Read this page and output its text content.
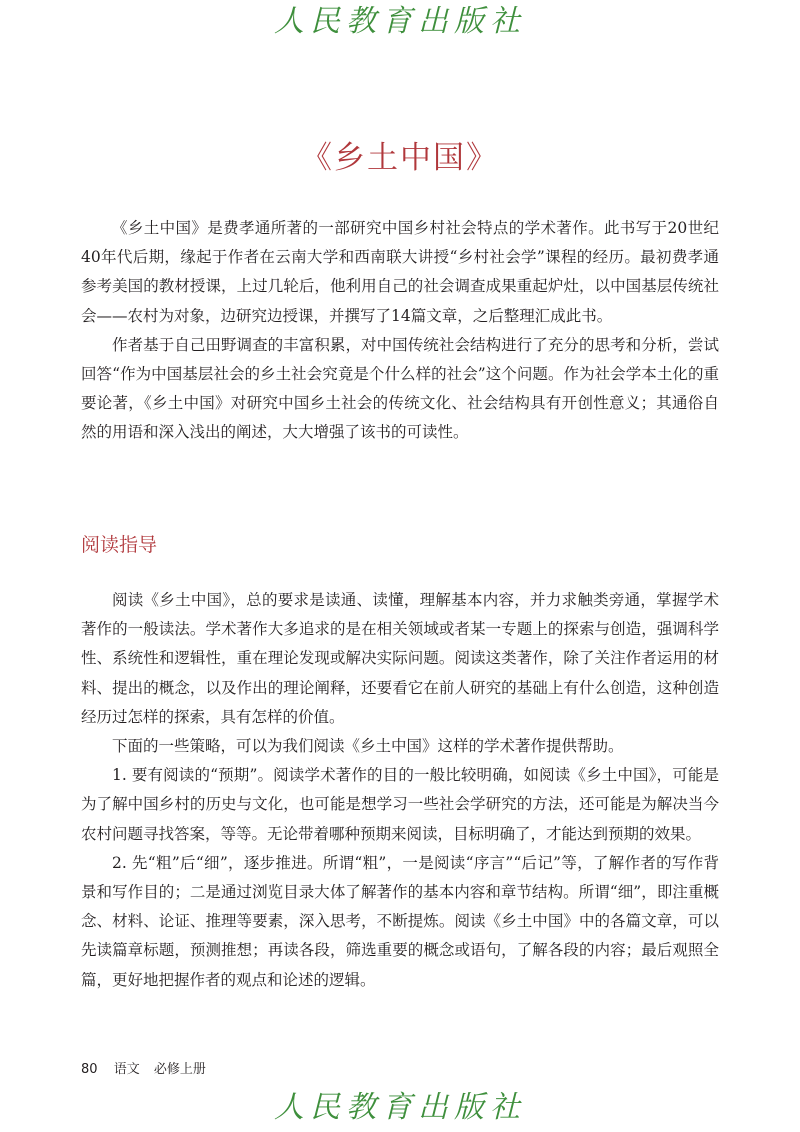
人民教育出版社
《乡土中国》

《乡土中国》是费孝通所著的一部研究中国乡村社会特点的学术著作。此书写于20世纪40年代后期，缘起于作者在云南大学和西南联大讲授“乡村社会学”课程的经历。最初费孝通参考美国的教材授课，上过几轮后，他利用自己的社会调查成果重起炉灶，以中国基层传统社会——农村为对象，边研究边授课，并撰写了14篇文章，之后整理汇成此书。

作者基于自己田野调查的丰富积累，对中国传统社会结构进行了充分的思考和分析，尝试回答“作为中国基层社会的乡土社会究竟是个什么样的社会”这个问题。作为社会学本土化的重要论著，《乡土中国》对研究中国乡土社会的传统文化、社会结构具有开创性意义；其通俗自然的用语和深入浅出的阐述，大大增强了该书的可读性。

阅读指导

阅读《乡土中国》，总的要求是读通、读懂，理解基本内容，并力求触类旁通，掌握学术著作的一般读法。学术著作大多追求的是在相关领域或者某一专题上的探索与创造，强调科学性、系统性和逻辑性，重在理论发现或解决实际问题。阅读这类著作，除了关注作者运用的材料、提出的概念，以及作出的理论阐释，还要看它在前人研究的基础上有什么创造，这种创造经历过怎样的探索，具有怎样的价值。

下面的一些策略，可以为我们阅读《乡土中国》这样的学术著作提供帮助。

1. 要有阅读的“预期”。阅读学术著作的目的一般比较明确，如阅读《乡土中国》，可能是为了解中国乡村的历史与文化，也可能是想学习一些社会学研究的方法，还可能是为解决当今农村问题寻找答案，等等。无论带着哪种预期来阅读，目标明确了，才能达到预期的效果。

2. 先“粗”后“细”，逐步推进。所谓“粗”，一是阅读“序言”“后记”等，了解作者的写作背景和写作目的；二是通过浏览目录大体了解著作的基本内容和章节结构。所谓“细”，即注重概念、材料、论证、推理等要素，深入思考，不断提炼。阅读《乡土中国》中的各篇文章，可以先读篇章标题，预测推想；再读各段，筛选重要的概念或语句，了解各段的内容；最后观照全篇，更好地把握作者的观点和论述的逻辑。

80 语文 必修上册
人民教育出版社
